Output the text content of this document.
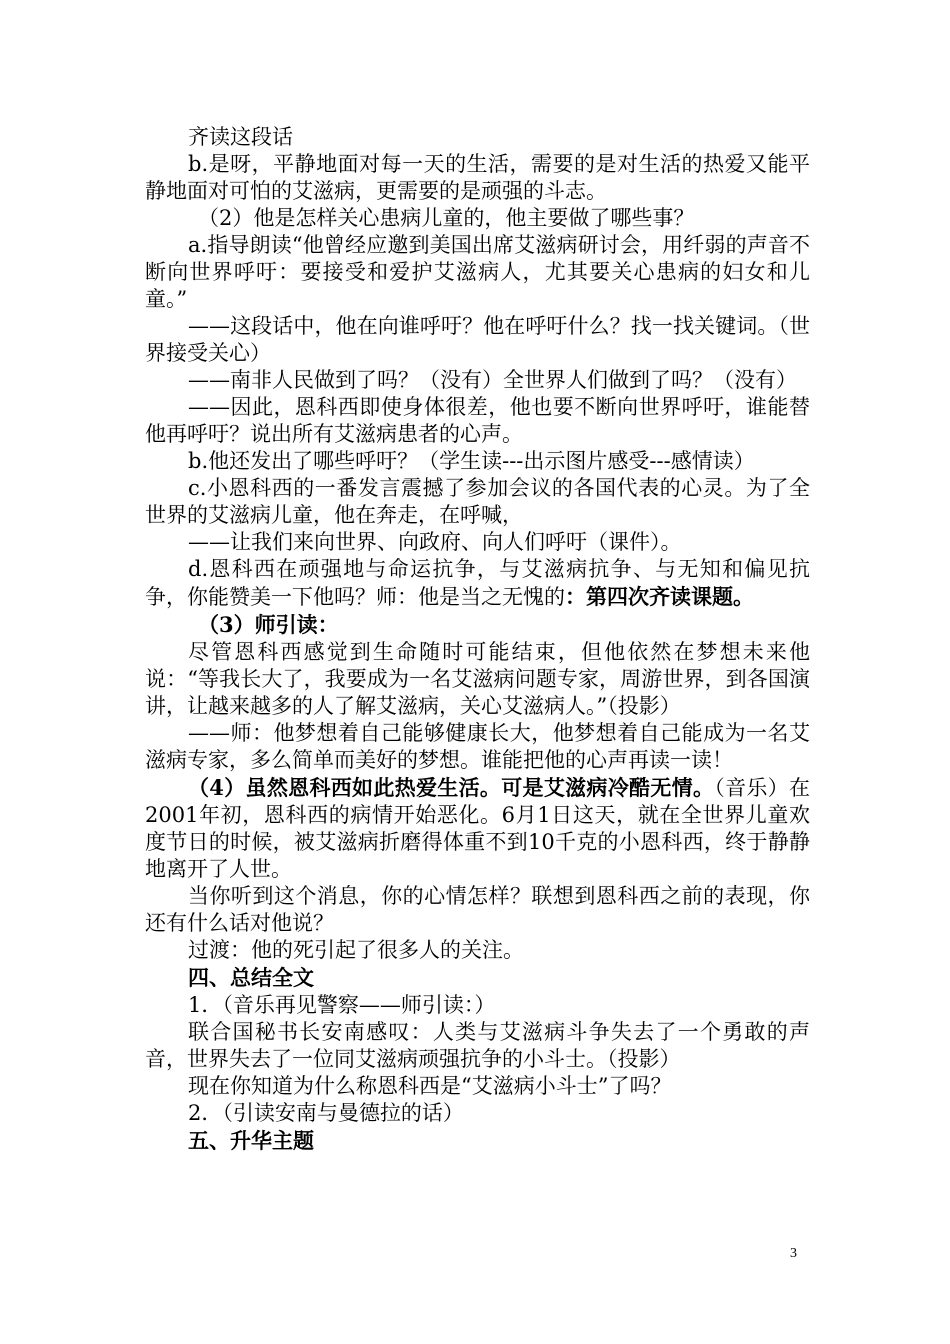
齐读这段话

b.是呀，平静地面对每一天的生活，需要的是对生活的热爱又能平静地面对可怕的艾滋病，更需要的是顽强的斗志。

（2）他是怎样关心患病儿童的，他主要做了哪些事？

a.指导朗读“他曾经应邀到美国出席艾滋病研讨会，用纤弱的声音不断向世界呼吁：要接受和爱护艾滋病人，尤其要关心患病的妇女和儿童。”

——这段话中，他在向谁呼吁？他在呼吁什么？找一找关键词。（世界接受关心）

——南非人民做到了吗？（没有）全世界人们做到了吗？（没有）

——因此，恩科西即使身体很差，他也要不断向世界呼吁，谁能替他再呼吁？说出所有艾滋病患者的心声。

b.他还发出了哪些呼吁？（学生读---出示图片感受---感情读）

c.小恩科西的一番发言震撼了参加会议的各国代表的心灵。为了全世界的艾滋病儿童，他在奔走，在呼喊，

——让我们来向世界、向政府、向人们呼吁（课件）。

d.恩科西在顽强地与命运抗争，与艾滋病抗争、与无知和偏见抗争，你能赞美一下他吗？师：他是当之无愧的：第四次齐读课题。

（3）师引读：

尽管恩科西感觉到生命随时可能结束，但他依然在梦想未来他说：“等我长大了，我要成为一名艾滋病问题专家，周游世界，到各国演讲，让越来越多的人了解艾滋病，关心艾滋病人。”（投影）

——师：他梦想着自己能够健康长大，他梦想着自己能成为一名艾滋病专家，多么简单而美好的梦想。谁能把他的心声再读一读！

（4）虽然恩科西如此热爱生活。可是艾滋病冷酷无情。（音乐）在2001年初，恩科西的病情开始恶化。6月1日这天，就在全世界儿童欢度节日的时候，被艾滋病折磨得体重不到10千克的小恩科西，终于静静地离开了人世。

当你听到这个消息，你的心情怎样？联想到恩科西之前的表现，你还有什么话对他说？

过渡：他的死引起了很多人的关注。

四、总结全文

1．（音乐再见警察——师引读：）

联合国秘书长安南感叹：人类与艾滋病斗争失去了一个勇敢的声音，世界失去了一位同艾滋病顽强抗争的小斗士。（投影）

现在你知道为什么称恩科西是“艾滋病小斗士”了吗？

2．（引读安南与曼德拉的话）

五、升华主题

3
